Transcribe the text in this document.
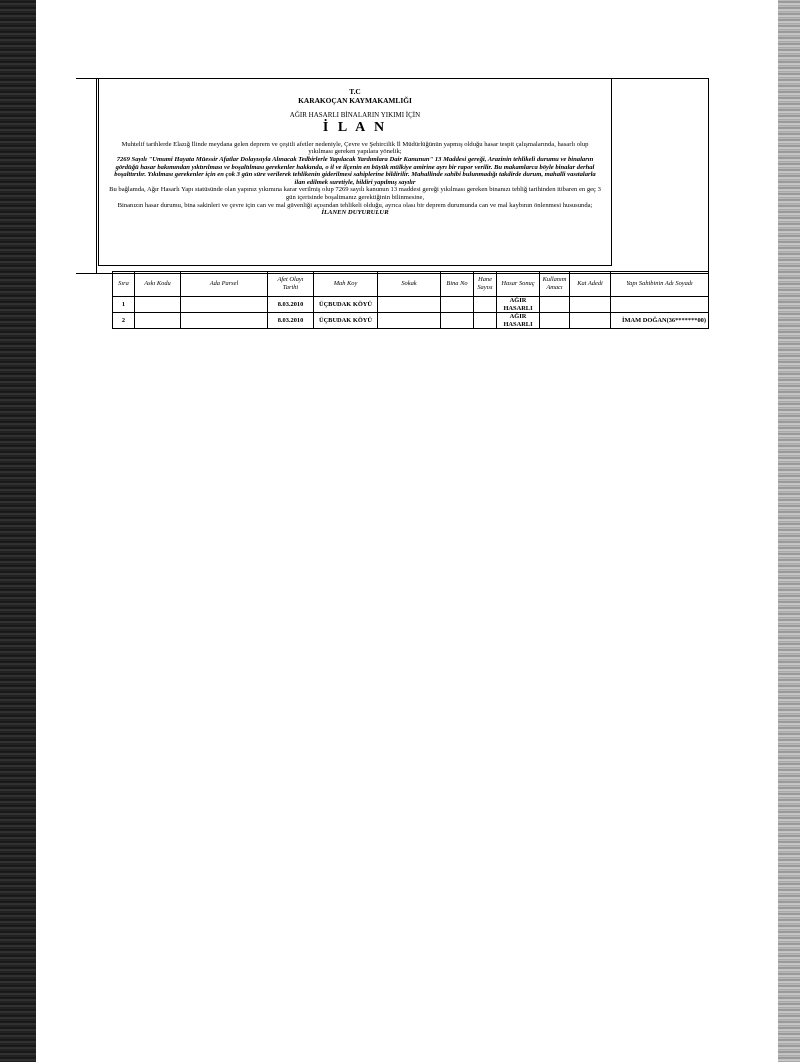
T.C
KARAKOÇAN KAYMAKAMLIĞI
AĞIR HASARLI BİNALARIN YIKIMI İÇİN
İ L A N
Muhtelif tarihlerde Elazığ İlinde meydana gelen deprem ve çeşitli afetler nedeniyle, Çevre ve Şehircilik İl Müdürlüğünün yapmış olduğu hasar tespit çalışmalarında, hasarlı olup yıkılması gereken yapılara yönelik;
7269 Sayılı "Umumi Hayata Müessir Afatlar Dolayısıyla Alınacak Tedbirlerle Yapılacak Yardımlara Dair Kanunun" 13 Maddesi gereği, Arazinin tehlikeli durumu ve binaların gördüğü hasar bakımından yıktırılması ve boşaltılması gerekenler hakkında, o il ve ilçenin en büyük mülkiye amirine ayrı bir rapor verilir. Bu makamlarca böyle binalar derhal boşalttırılır. Yıkılması gerekenler için en çok 3 gün süre verilerek tehlikenin giderilmesi sahiplerine bildirilir. Mahallinde sahibi bulunmadığı takdirde durum, mahalli vasıtalarla ilan edilmek suretiyle, bildiri yapılmış sayılır
Bu bağlamda, Ağır Hasarlı Yapı statüsünde olan yapınız yıkımına karar verilmiş olup 7269 sayılı kanunun 13 maddesi gereği yıkılması gereken binanızı tebliğ tarihinden itibaren en geç 3 gün içerisinde boşaltmanız gerektiğinin bilinmesine,
Binanızın hasar durumu, bina sakinleri ve çevre için can ve mal güvenliği açısından tehlikeli olduğu, ayrıca olası bir deprem durumunda can ve mal kaybının önlenmesi hususunda;
İLANEN DUYURULUR
Sıra	Askı Kodu	Ada Parsel	Afet Olayı Tarihi	Mah Koy	Sokak	Bina No	Hane Sayısı	Hasar Sonuç	Kullanım Amacı	Kat Adedi	Yapı Sahibinin Adı Soyadı
1			8.03.2010	ÜÇBUDAK KÖYÜ				AĞIR HASARLI			
2			8.03.2010	ÜÇBUDAK KÖYÜ				AĞIR HASARLI			İMAM DOĞAN(36*******00)
